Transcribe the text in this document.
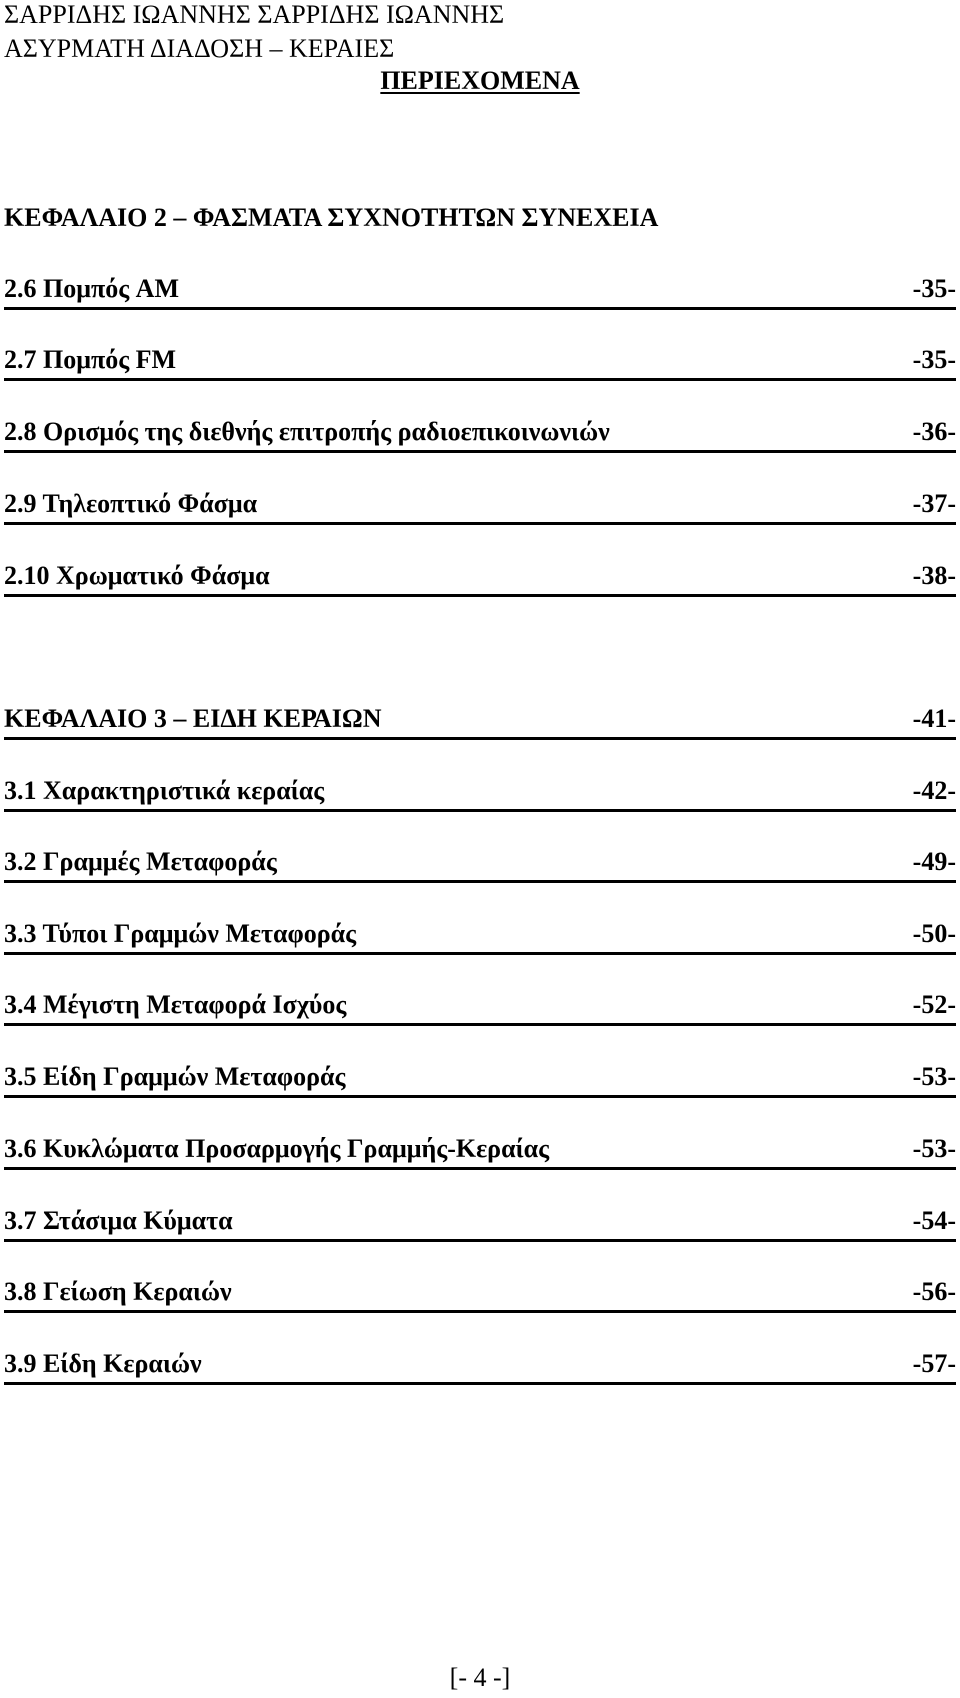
ΣΑΡΡΙΔΗΣ ΙΩΑΝΝΗΣ ΣΑΡΡΙΔΗΣ ΙΩΑΝΝΗΣ
ΑΣΥΡΜΑΤΗ ΔΙΑΔΟΣΗ – ΚΕΡΑΙΕΣ
ΠΕΡΙΕΧΟΜΕΝΑ
ΚΕΦΑΛΑΙΟ 2 – ΦΑΣΜΑΤΑ ΣΥΧΝΟΤΗΤΩΝ ΣΥΝΕΧΕΙΑ
2.6 Πομπός AM	-35-
2.7 Πομπός FM	-35-
2.8 Ορισμός της διεθνής επιτροπής ραδιοεπικοινωνιών	-36-
2.9 Τηλεοπτικό Φάσμα	-37-
2.10 Χρωματικό Φάσμα	-38-
ΚΕΦΑΛΑΙΟ 3 – ΕΙΔΗ ΚΕΡΑΙΩΝ	-41-
3.1 Χαρακτηριστικά κεραίας	-42-
3.2 Γραμμές Μεταφοράς	-49-
3.3 Τύποι Γραμμών Μεταφοράς	-50-
3.4 Μέγιστη Μεταφορά Ισχύος	-52-
3.5 Είδη Γραμμών Μεταφοράς	-53-
3.6 Κυκλώματα Προσαρμογής Γραμμής-Κεραίας	-53-
3.7 Στάσιμα Κύματα	-54-
3.8 Γείωση Κεραιών	-56-
3.9 Είδη Κεραιών	-57-
[- 4 -]
